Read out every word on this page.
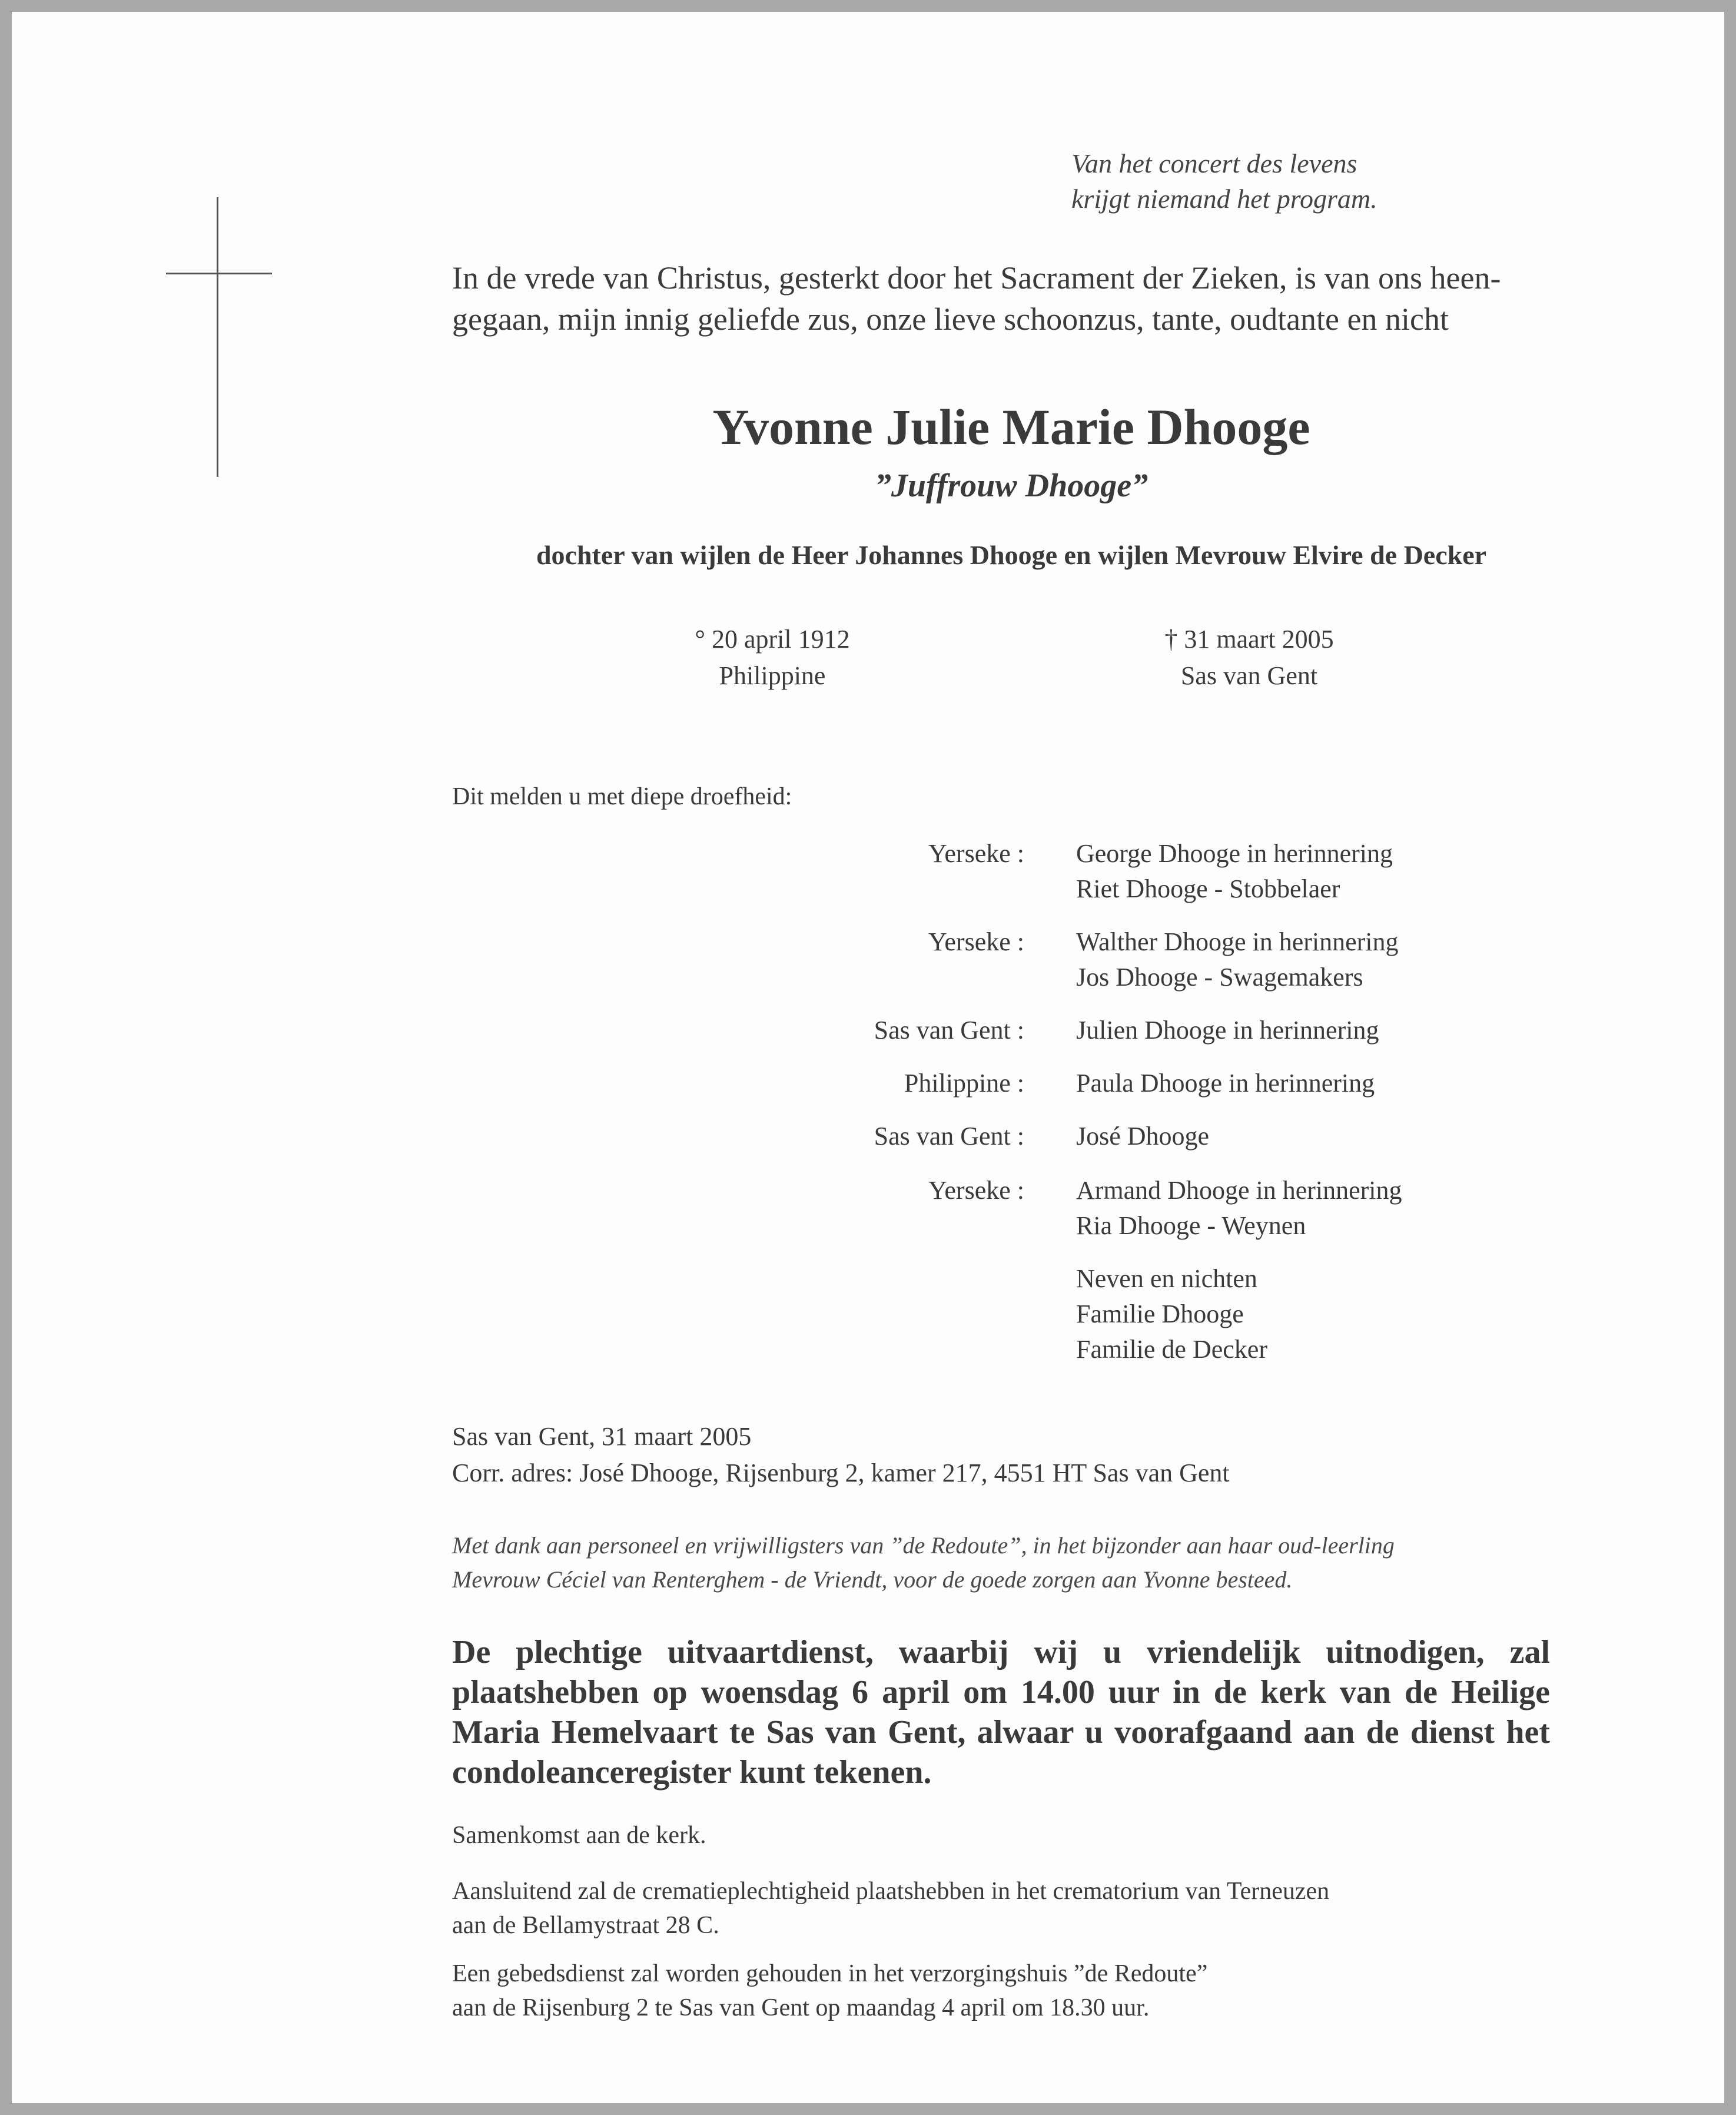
Van het concert des levens
krijgt niemand het program.
In de vrede van Christus, gesterkt door het Sacrament der Zieken, is van ons heen-
gegaan, mijn innig geliefde zus, onze lieve schoonzus, tante, oudtante en nicht
Yvonne Julie Marie Dhooge
”Juffrouw Dhooge”
dochter van wijlen de Heer Johannes Dhooge en wijlen Mevrouw Elvire de Decker
° 20 april 1912
Philippine
† 31 maart 2005
Sas van Gent
Dit melden u met diepe droefheid:
Yerseke : George Dhooge in herinnering
Riet Dhooge - Stobbelaer
Yerseke : Walther Dhooge in herinnering
Jos Dhooge - Swagemakers
Sas van Gent : Julien Dhooge in herinnering
Philippine : Paula Dhooge in herinnering
Sas van Gent : José Dhooge
Yerseke : Armand Dhooge in herinnering
Ria Dhooge - Weynen
Neven en nichten
Familie Dhooge
Familie de Decker
Sas van Gent, 31 maart 2005
Corr. adres: José Dhooge, Rijsenburg 2, kamer 217, 4551 HT Sas van Gent
Met dank aan personeel en vrijwilligsters van ”de Redoute”, in het bijzonder aan haar oud-leerling
Mevrouw Céciel van Renterghem - de Vriendt, voor de goede zorgen aan Yvonne besteed.
De plechtige uitvaartdienst, waarbij wij u vriendelijk uitnodigen, zal plaatshebben op woensdag 6 april om 14.00 uur in de kerk van de Heilige Maria Hemelvaart te Sas van Gent, alwaar u voorafgaand aan de dienst het condoleanceregister kunt tekenen.
Samenkomst aan de kerk.
Aansluitend zal de crematieplechtigheid plaatshebben in het crematorium van Terneuzen
aan de Bellamystraat 28 C.
Een gebedsdienst zal worden gehouden in het verzorgingshuis ”de Redoute”
aan de Rijsenburg 2 te Sas van Gent op maandag 4 april om 18.30 uur.
